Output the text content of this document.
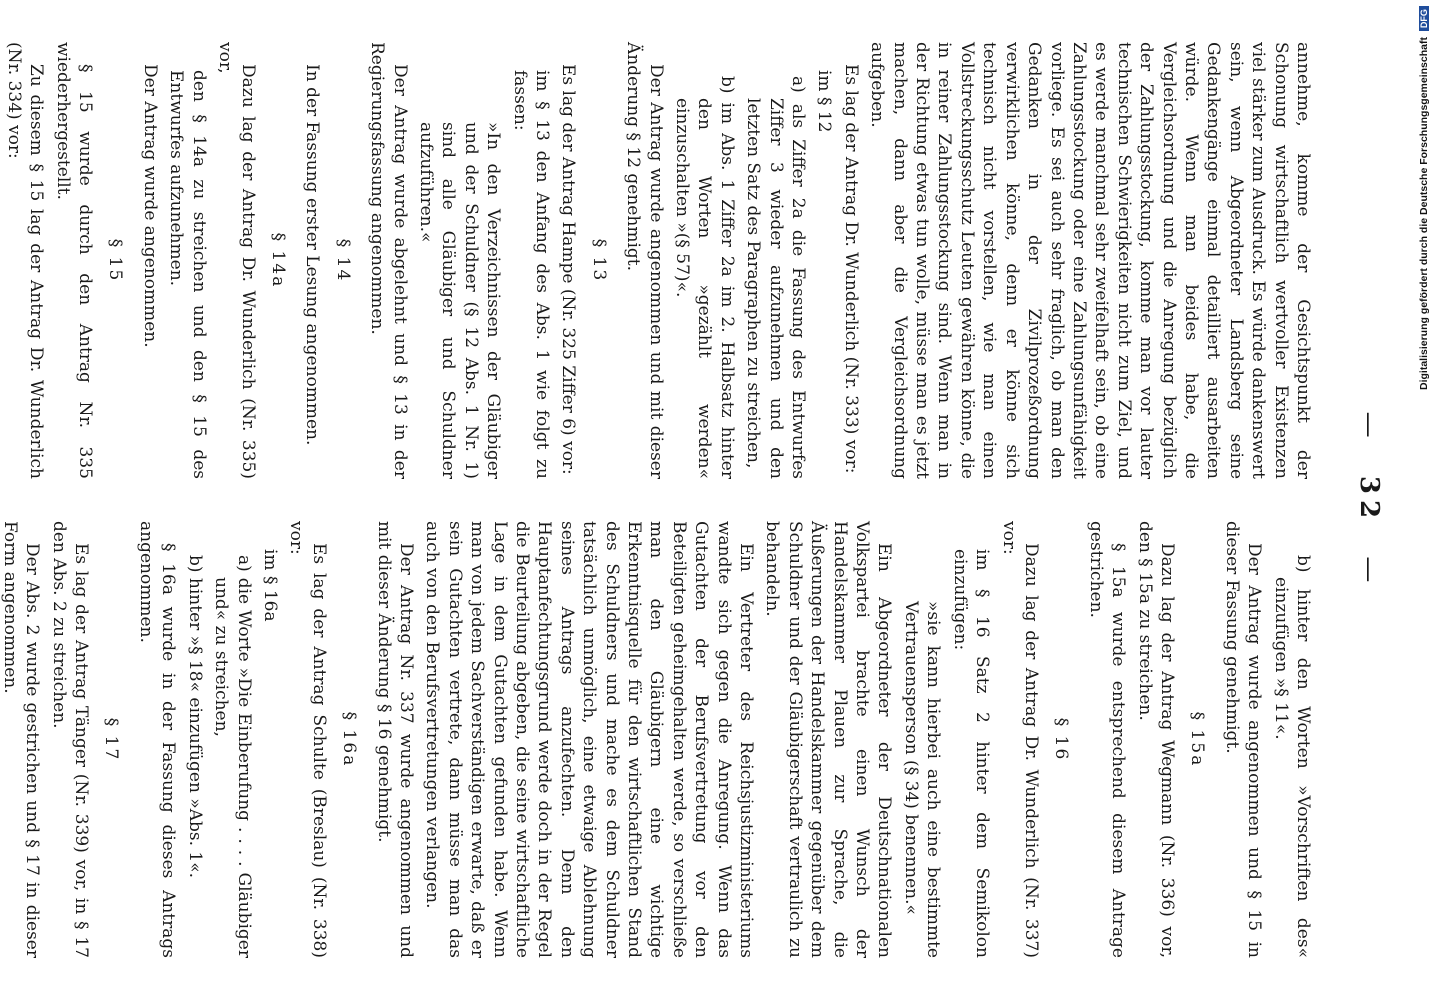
— 32 —
annehme, komme der Gesichtspunkt der Schonung wirtschaftlich wertvoller Existenzen viel stärker zum Ausdruck. Es würde dankenswert sein, wenn Abgeordneter Landsberg seine Gedankengänge einmal detailliert ausarbeiten würde. Wenn man beides habe, die Vergleichsordnung und die Anregung bezüglich der Zahlungsstockung, komme man vor lauter technischen Schwierigkeiten nicht zum Ziel, und es werde manchmal sehr zweifelhaft sein, ob eine Zahlungsstockung oder eine Zahlungsunfähigkeit vorliege. Es sei auch sehr fraglich, ob man den Gedanken in der Zivilprozeßordnung verwirklichen könne, denn er könne sich technisch nicht vorstellen, wie man einen Vollstreckungsschutz Leuten gewähren könne, die in reiner Zahlungsstockung sind. Wenn man in der Richtung etwas tun wolle, müsse man es jetzt machen, dann aber die Vergleichsordnung aufgeben.
Es lag der Antrag Dr. Wunderlich (Nr. 333) vor:
im § 12
a) als Ziffer 2a die Fassung des Entwurfes Ziffer 3 wieder aufzunehmen und den letzten Satz des Paragraphen zu streichen,
b) im Abs. 1 Ziffer 2a im 2. Halbsatz hinter den Worten »gezählt werden« einzuschalten »(§ 57)«.
Der Antrag wurde angenommen und mit dieser Änderung § 12 genehmigt.
§ 13
Es lag der Antrag Hampe (Nr. 325 Ziffer 6) vor:
im § 13 den Anfang des Abs. 1 wie folgt zu fassen:
»In den Verzeichnissen der Gläubiger und der Schuldner (§ 12 Abs. 1 Nr. 1) sind alle Gläubiger und Schuldner aufzuführen.«
Der Antrag wurde abgelehnt und § 13 in der Regierungsfassung angenommen.
§ 14
In der Fassung erster Lesung angenommen.
§ 14a
Dazu lag der Antrag Dr. Wunderlich (Nr. 335) vor,
den § 14a zu streichen und den § 15 des Entwurfes aufzunehmen.
Der Antrag wurde angenommen.
§ 15
§ 15 wurde durch den Antrag Nr. 335 wiederhergestellt.
Zu diesem § 15 lag der Antrag Dr. Wunderlich (Nr. 334) vor:
b) hinter den Worten »Vorschriften des« einzufügen »§ 11«.
Der Antrag wurde angenommen und § 15 in dieser Fassung genehmigt.
§ 15a
Dazu lag der Antrag Wegmann (Nr. 336) vor, den § 15a zu streichen.
§ 15a wurde entsprechend diesem Antrage gestrichen.
§ 16
Dazu lag der Antrag Dr. Wunderlich (Nr. 337) vor:
im § 16 Satz 2 hinter dem Semikolon einzufügen:
»sie kann hierbei auch eine bestimmte Vertrauensperson (§ 34) benennen.«
Ein Abgeordneter der Deutschnationalen Volkspartei brachte einen Wunsch der Handelskammer Plauen zur Sprache, die Äußerungen der Handelskammer gegenüber dem Schuldner und der Gläubigerschaft vertraulich zu behandeln.
Ein Vertreter des Reichsjustizministeriums wandte sich gegen die Anregung. Wenn das Gutachten der Berufsvertretung vor den Beteiligten geheimgehalten werde, so verschließe man den Gläubigern eine wichtige Erkenntnisquelle für den wirtschaftlichen Stand des Schuldners und mache es dem Schuldner tatsächlich unmöglich, eine etwaige Ablehnung seines Antrags anzufechten. Denn den Hauptanfechtungsgrund werde doch in der Regel die Beurteilung abgeben, die seine wirtschaftliche Lage in dem Gutachten gefunden habe. Wenn man von jedem Sachverständigen erwarte, daß er sein Gutachten vertrete, dann müsse man das auch von den Berufsvertretungen verlangen.
Der Antrag Nr. 337 wurde angenommen und mit dieser Änderung § 16 genehmigt.
§ 16a
Es lag der Antrag Schulte (Breslau) (Nr. 338) vor:
im § 16a
a) die Worte »Die Einberufung . . . . Gläubiger und« zu streichen,
b) hinter »§ 18« einzufügen »Abs. 1«.
§ 16a wurde in der Fassung dieses Antrags angenommen.
§ 17
Es lag der Antrag Tänger (Nr. 339) vor, in § 17 den Abs. 2 zu streichen.
Der Abs. 2 wurde gestrichen und § 17 in dieser Form angenommen.
Digitalisierung gefördert durch die Deutsche Forschungsgemeinschaft DFG
